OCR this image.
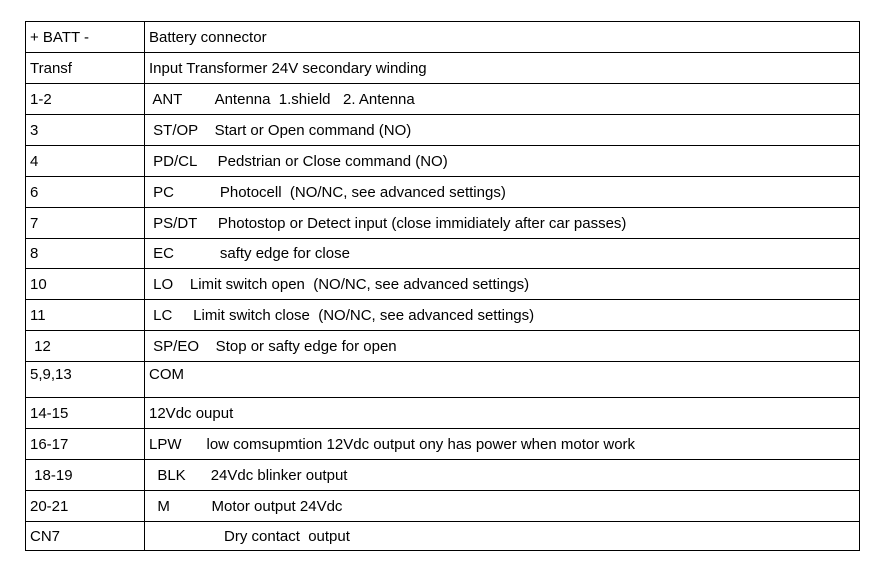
+ BATT -	Battery connector
Transf	Input Transformer 24V secondary winding
1-2	ANT        Antenna  1.shield   2. Antenna
3	ST/OP    Start or Open command (NO)
4	PD/CL     Pedstrian or Close command (NO)
6	PC           Photocell  (NO/NC, see advanced settings)
7	PS/DT     Photostop or Detect input (close immidiately after car passes)
8	EC           safty edge for close
10	LO    Limit switch open  (NO/NC, see advanced settings)
11	LC     Limit switch close  (NO/NC, see advanced settings)
12	SP/EO    Stop or safty edge for open
5,9,13	COM
14-15	12Vdc ouput
16-17	LPW      low comsupmtion 12Vdc output ony has power when motor work
18-19	BLK      24Vdc blinker output
20-21	M          Motor output 24Vdc
CN7	Dry contact  output
